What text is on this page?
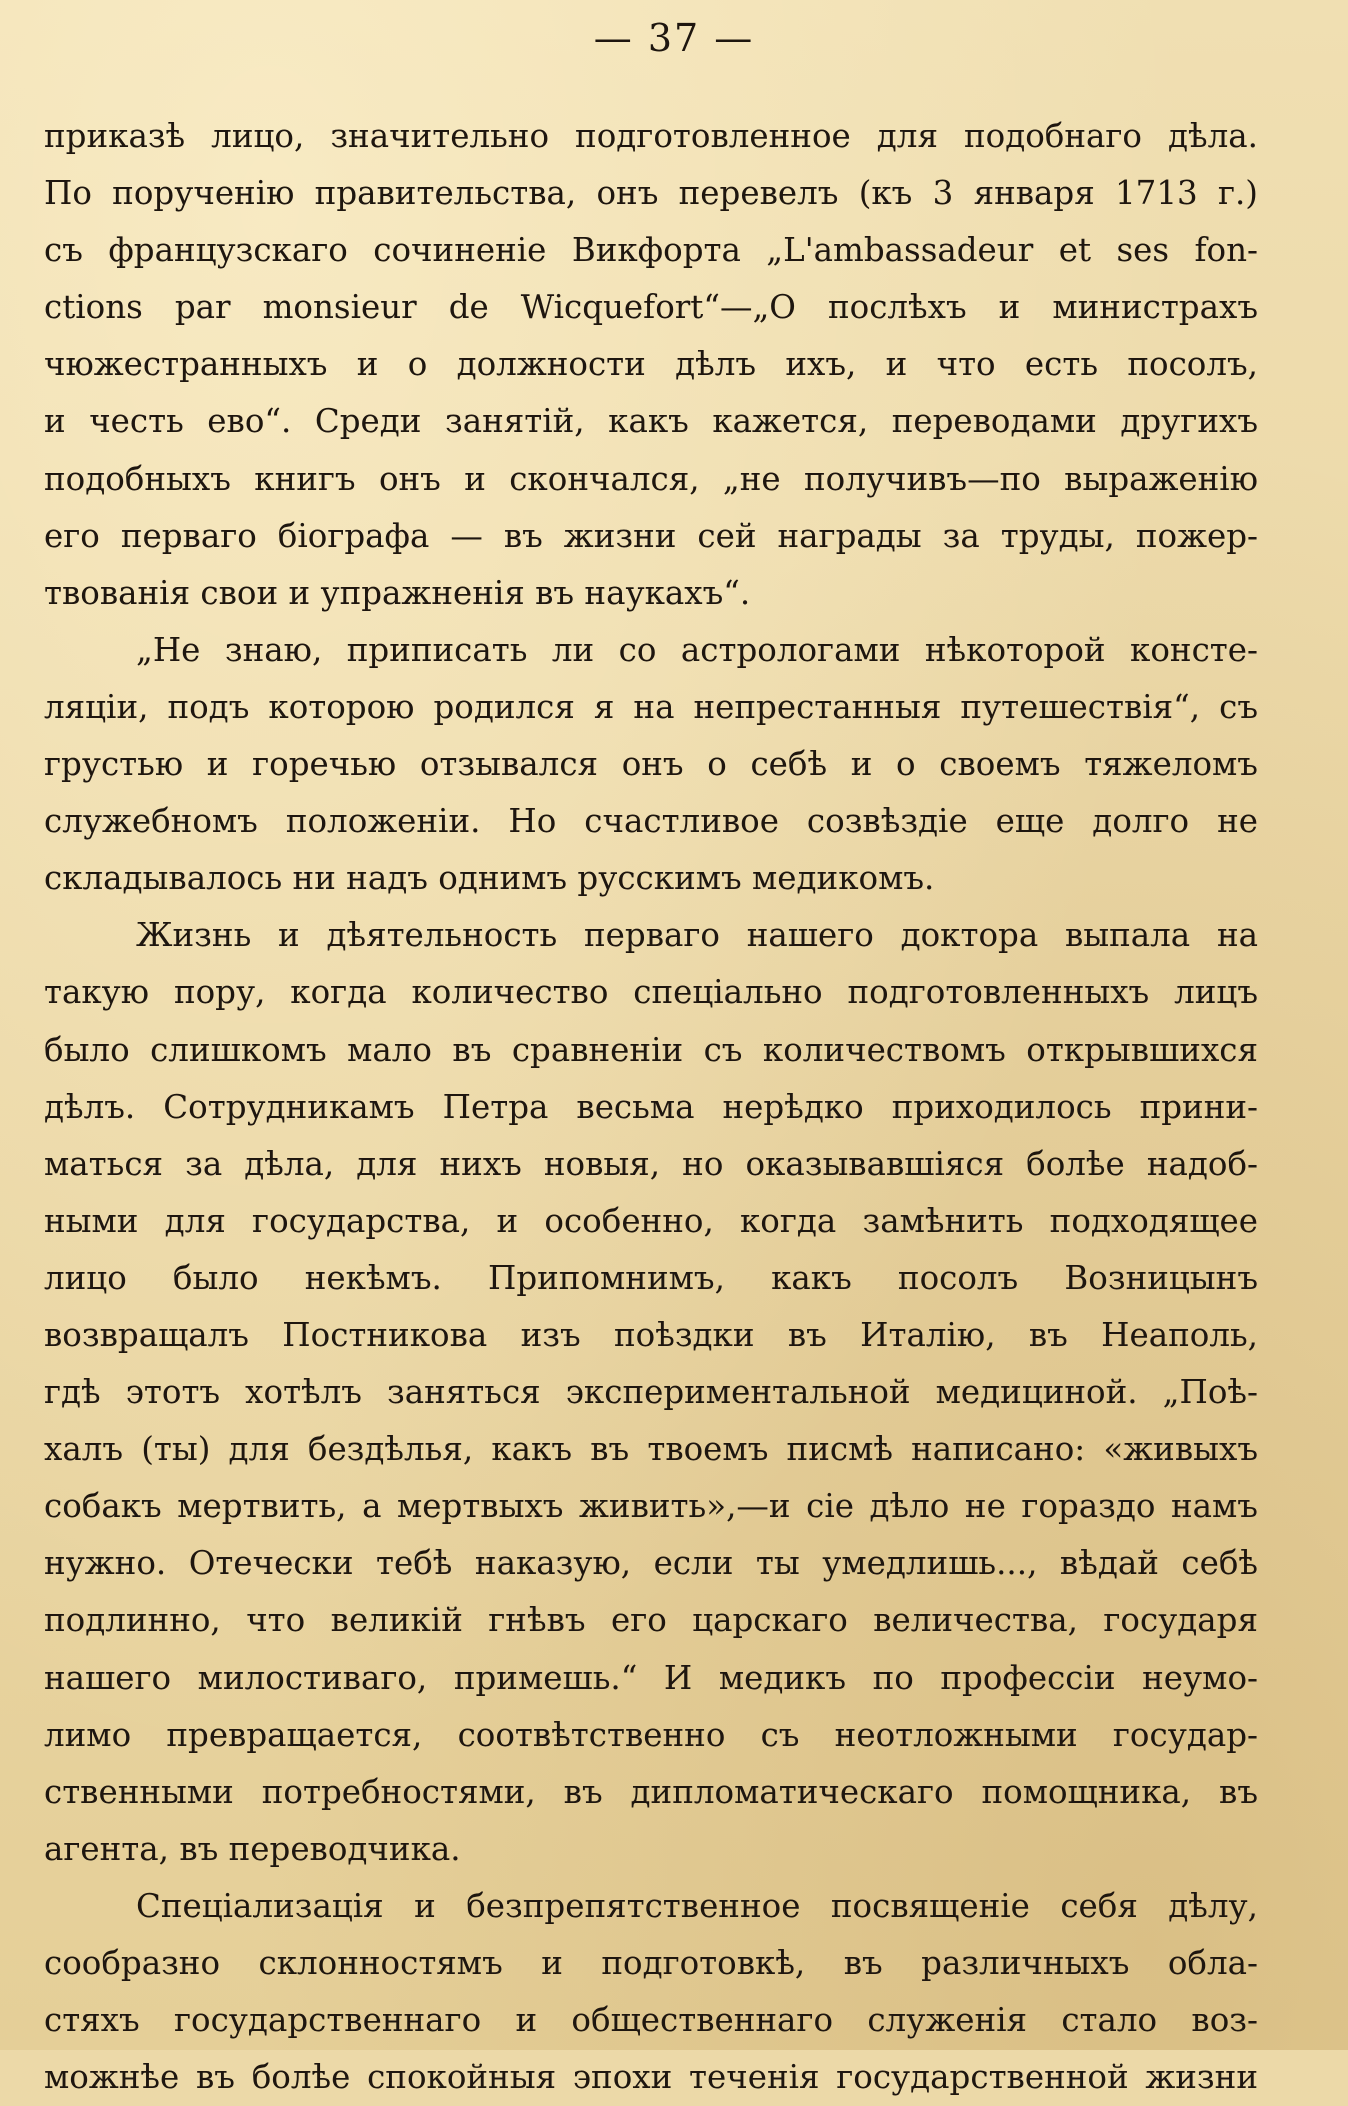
— 37 —
приказѣ лицо, значительно подготовленное для подобнаго дѣла.
По порученію правительства, онъ перевелъ (къ 3 января 1713 г.)
съ французскаго сочиненіе Викфорта „L'ambassadeur et ses fon-
ctions par monsieur de Wicquefort“—„О послѣхъ и министрахъ
чюжестранныхъ и о должности дѣлъ ихъ, и что есть посолъ,
и честь ево“. Среди занятій, какъ кажется, переводами другихъ
подобныхъ книгъ онъ и скончался, „не получивъ—по выраженію
его перваго біографа — въ жизни сей награды за труды, пожер-
твованія свои и упражненія въ наукахъ“.
„Не знаю, приписать ли со астрологами нѣкоторой консте-
ляціи, подъ которою родился я на непрестанныя путешествія“, съ
грустью и горечью отзывался онъ о себѣ и о своемъ тяжеломъ
служебномъ положеніи. Но счастливое созвѣздіе еще долго не
складывалось ни надъ однимъ русскимъ медикомъ.
Жизнь и дѣятельность перваго нашего доктора выпала на
такую пору, когда количество спеціально подготовленныхъ лицъ
было слишкомъ мало въ сравненіи съ количествомъ открывшихся
дѣлъ. Сотрудникамъ Петра весьма нерѣдко приходилось прини-
маться за дѣла, для нихъ новыя, но оказывавшіяся болѣе надоб-
ными для государства, и особенно, когда замѣнить подходящее
лицо было некѣмъ. Припомнимъ, какъ посолъ Возницынъ
возвращалъ Постникова изъ поѣздки въ Италію, въ Неаполь,
гдѣ этотъ хотѣлъ заняться экспериментальной медициной. „Поѣ-
халъ (ты) для бездѣлья, какъ въ твоемъ писмѣ написано: «живыхъ
собакъ мертвить, а мертвыхъ живить»,—и сіе дѣло не гораздо намъ
нужно. Отечески тебѣ наказую, если ты умедлишь..., вѣдай себѣ
подлинно, что великій гнѣвъ его царскаго величества, государя
нашего милостиваго, примешь.“ И медикъ по профессіи неумо-
лимо превращается, соотвѣтственно съ неотложными государ-
ственными потребностями, въ дипломатическаго помощника, въ
агента, въ переводчика.
Спеціализація и безпрепятственное посвященіе себя дѣлу,
сообразно склонностямъ и подготовкѣ, въ различныхъ обла-
стяхъ государственнаго и общественнаго служенія стало воз-
можнѣе въ болѣе спокойныя эпохи теченія государственной жизни
